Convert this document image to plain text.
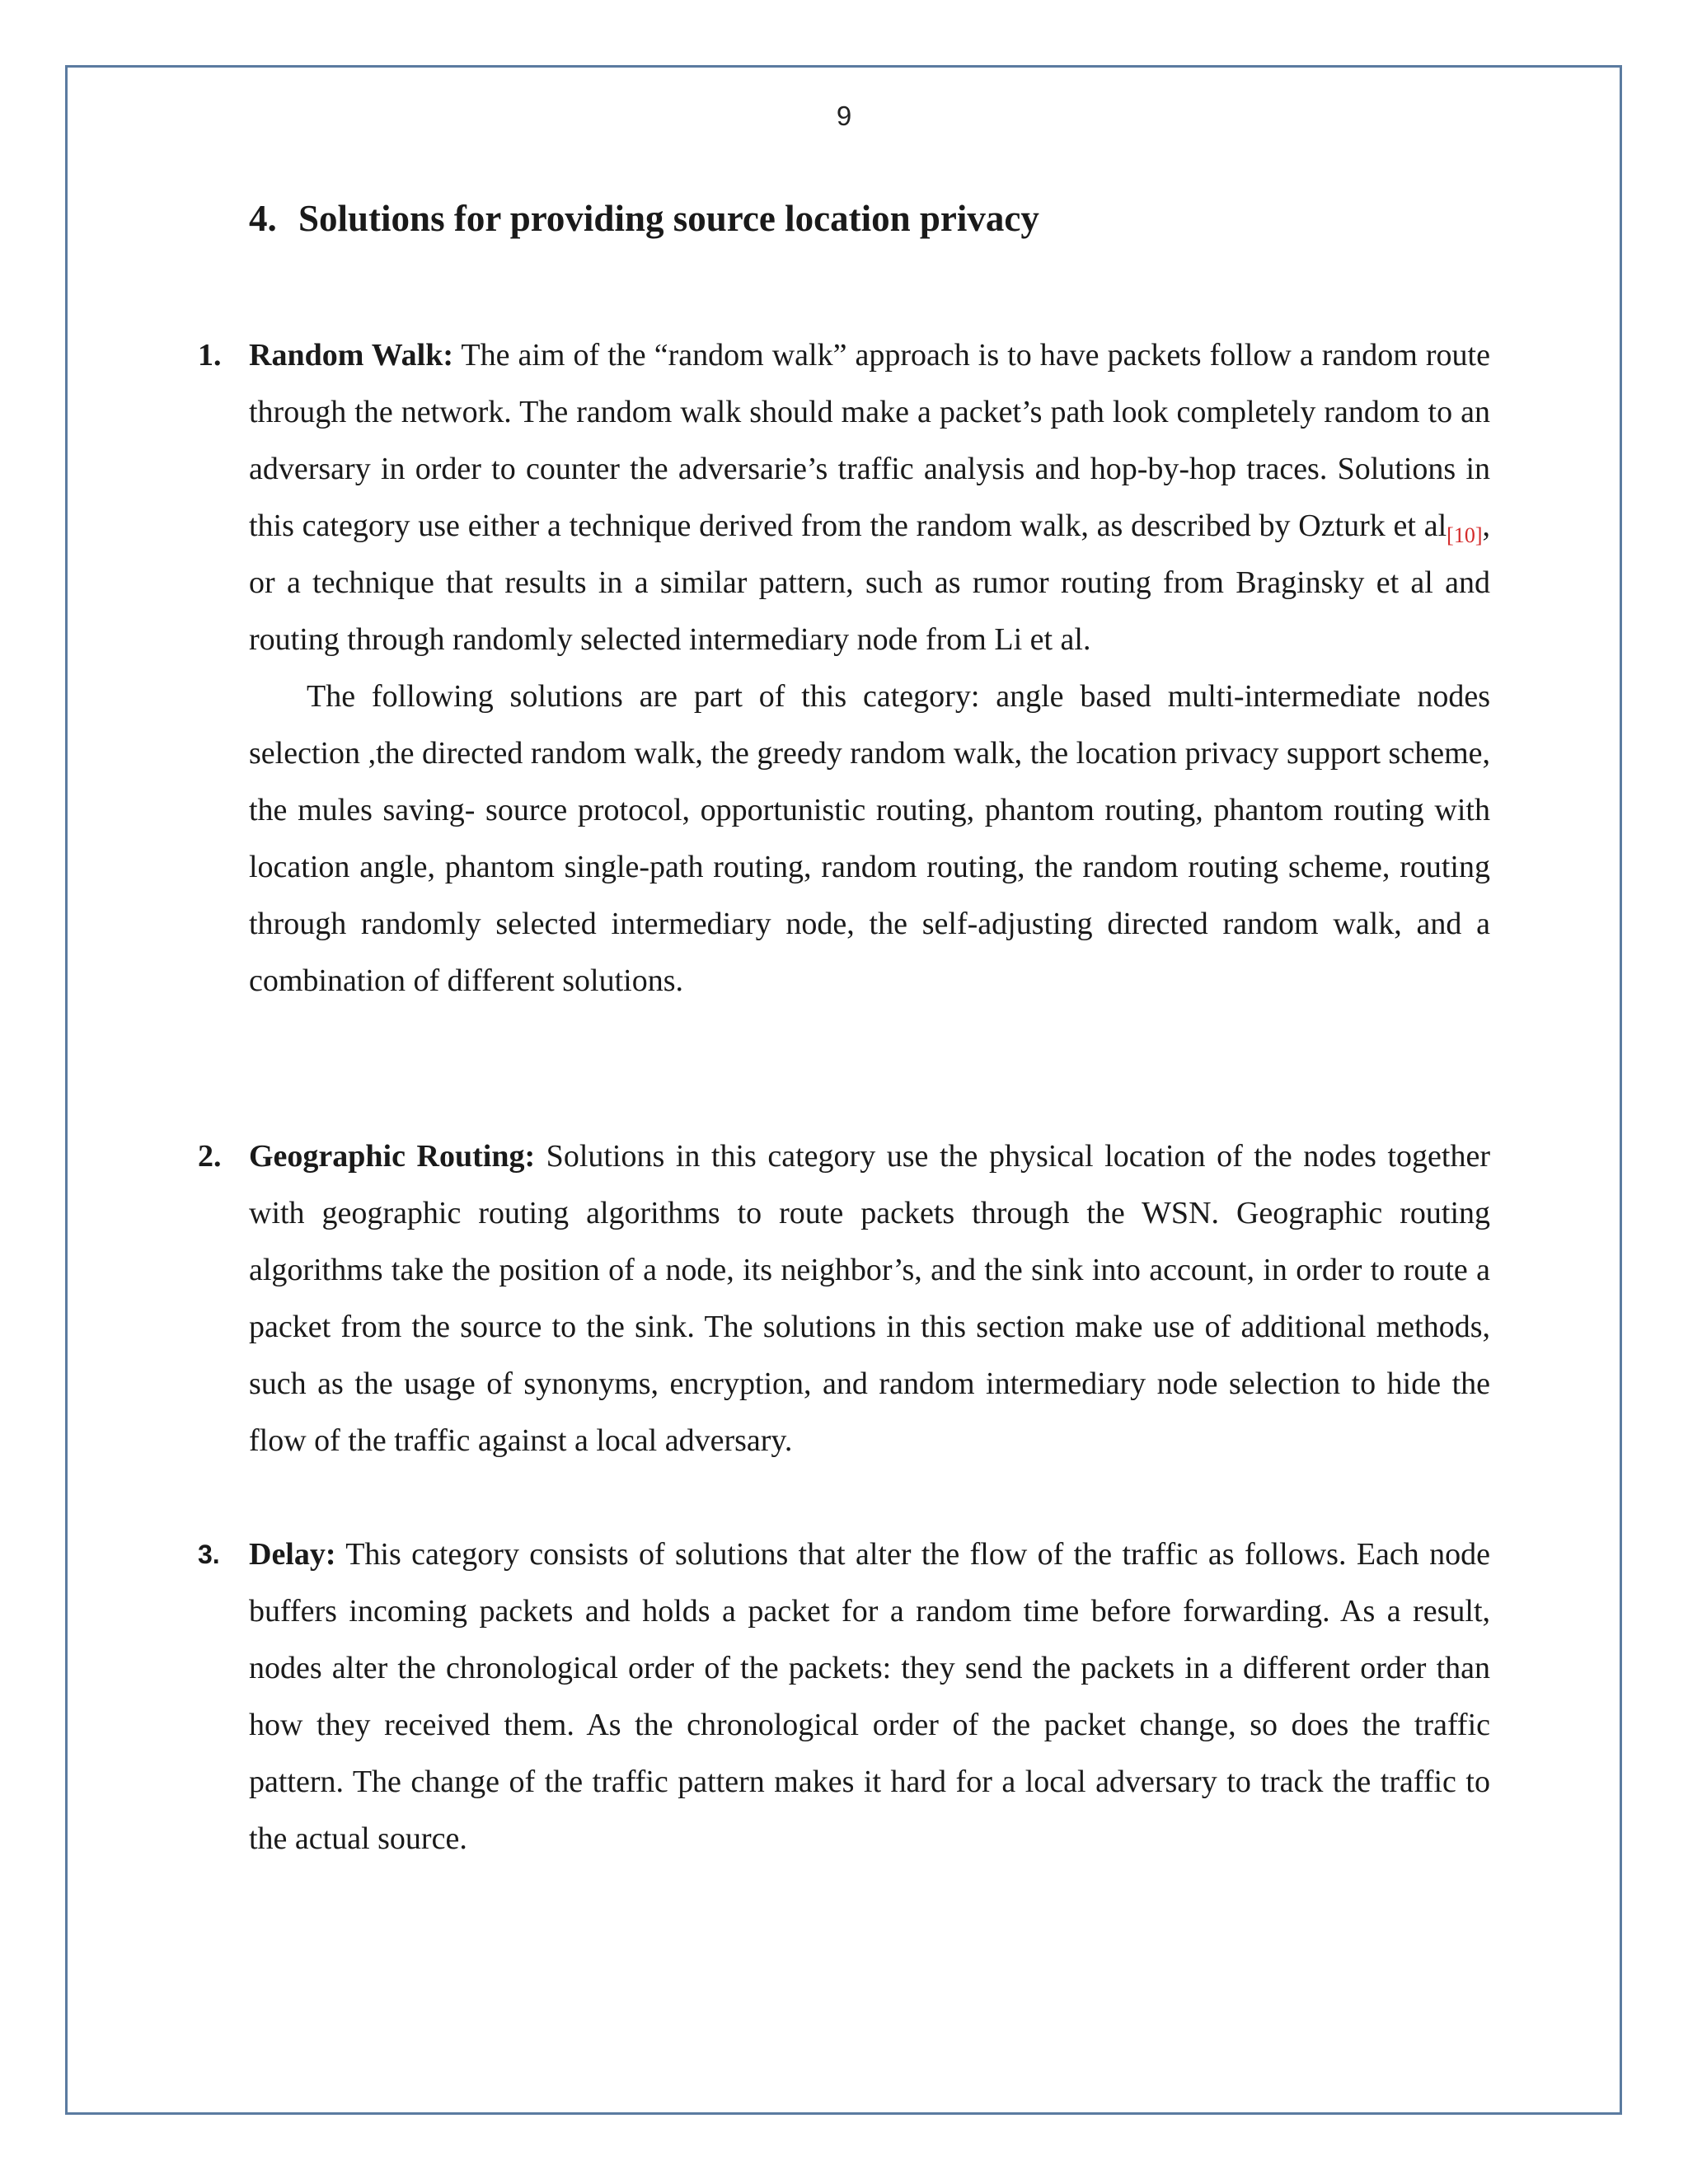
9
4. Solutions for providing source location privacy
1. Random Walk: The aim of the “random walk” approach is to have packets follow a random route through the network. The random walk should make a packet’s path look completely random to an adversary in order to counter the adversarie’s traffic analysis and hop-by-hop traces. Solutions in this category use either a technique derived from the random walk, as described by Ozturk et $al_{[10]}$, or a technique that results in a similar pattern, such as rumor routing from Braginsky et al and routing through randomly selected intermediary node from Li et al.

The following solutions are part of this category: angle based multi-intermediate nodes selection ,the directed random walk, the greedy random walk, the location privacy support scheme, the mules saving- source protocol, opportunistic routing, phantom routing, phantom routing with location angle, phantom single-path routing, random routing, the random routing scheme, routing through randomly selected intermediary node, the self-adjusting directed random walk, and a combination of different solutions.

2. Geographic Routing: Solutions in this category use the physical location of the nodes together with geographic routing algorithms to route packets through the WSN. Geographic routing algorithms take the position of a node, its neighbor’s, and the sink into account, in order to route a packet from the source to the sink. The solutions in this section make use of additional methods, such as the usage of synonyms, encryption, and random intermediary node selection to hide the flow of the traffic against a local adversary.

3. Delay: This category consists of solutions that alter the flow of the traffic as follows. Each node buffers incoming packets and holds a packet for a random time before forwarding. As a result, nodes alter the chronological order of the packets: they send the packets in a different order than how they received them. As the chronological order of the packet change, so does the traffic pattern. The change of the traffic pattern makes it hard for a local adversary to track the traffic to the actual source.
